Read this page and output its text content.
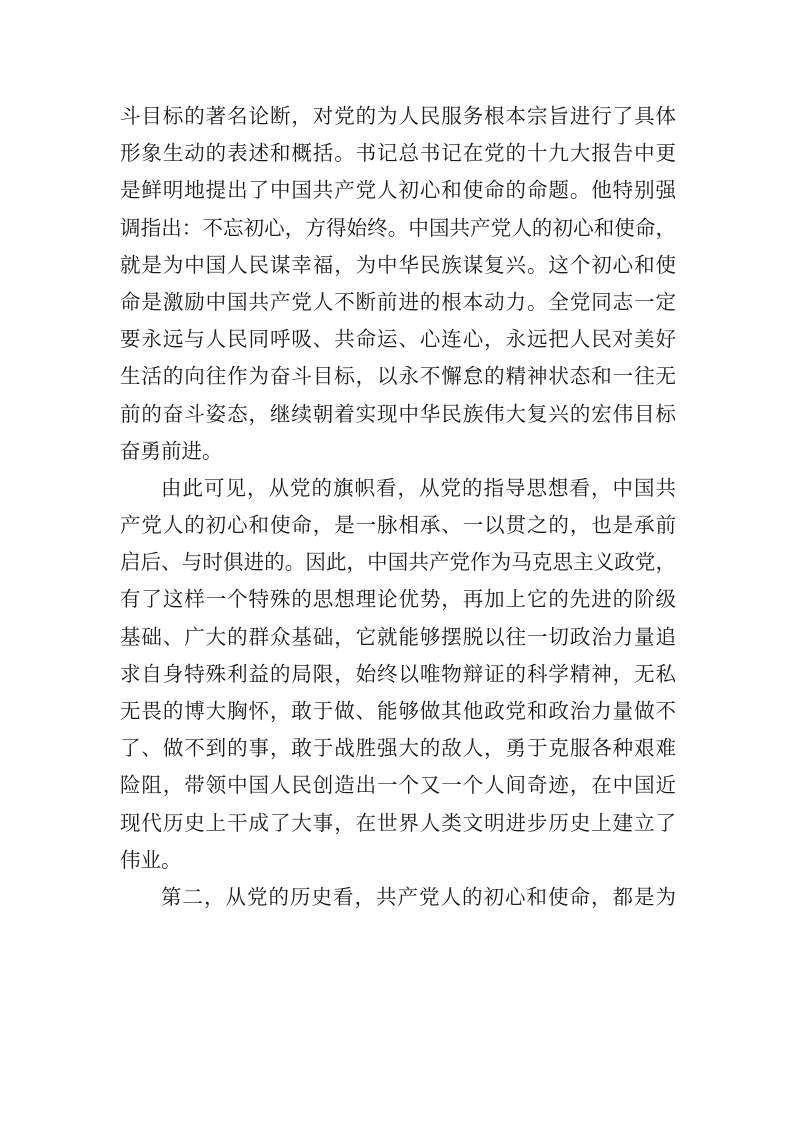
斗目标的著名论断，对党的为人民服务根本宗旨进行了具体
形象生动的表述和概括。书记总书记在党的十九大报告中更
是鲜明地提出了中国共产党人初心和使命的命题。他特别强
调指出：不忘初心，方得始终。中国共产党人的初心和使命，
就是为中国人民谋幸福，为中华民族谋复兴。这个初心和使
命是激励中国共产党人不断前进的根本动力。全党同志一定
要永远与人民同呼吸、共命运、心连心，永远把人民对美好
生活的向往作为奋斗目标，以永不懈怠的精神状态和一往无
前的奋斗姿态，继续朝着实现中华民族伟大复兴的宏伟目标
奋勇前进。
由此可见，从党的旗帜看，从党的指导思想看，中国共
产党人的初心和使命，是一脉相承、一以贯之的，也是承前
启后、与时俱进的。因此，中国共产党作为马克思主义政党，
有了这样一个特殊的思想理论优势，再加上它的先进的阶级
基础、广大的群众基础，它就能够摆脱以往一切政治力量追
求自身特殊利益的局限，始终以唯物辩证的科学精神，无私
无畏的博大胸怀，敢于做、能够做其他政党和政治力量做不
了、做不到的事，敢于战胜强大的敌人，勇于克服各种艰难
险阻，带领中国人民创造出一个又一个人间奇迹，在中国近
现代历史上干成了大事，在世界人类文明进步历史上建立了
伟业。
第二，从党的历史看，共产党人的初心和使命，都是为
